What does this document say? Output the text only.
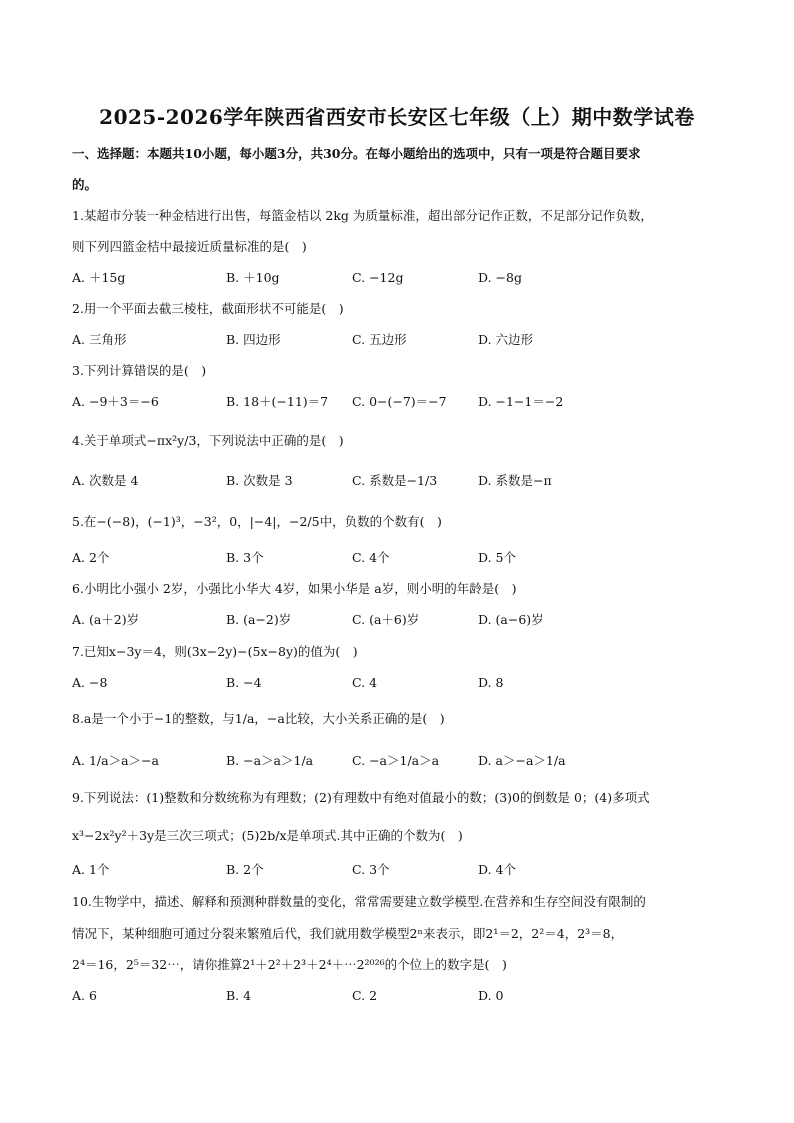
2025-2026学年陕西省西安市长安区七年级（上）期中数学试卷
一、选择题：本题共10小题，每小题3分，共30分。在每小题给出的选项中，只有一项是符合题目要求
的。
1.某超市分装一种金桔进行出售，每篮金桔以 2kg 为质量标准，超出部分记作正数，不足部分记作负数，
则下列四篮金桔中最接近质量标准的是(　)
A. ＋15g	B. ＋10g	C. −12g	D. −8g
2.用一个平面去截三棱柱，截面形状不可能是(　)
A. 三角形	B. 四边形	C. 五边形	D. 六边形
3.下列计算错误的是(　)
A. −9＋3＝−6	B. 18＋(−11)＝7 C. 0−(−7)＝−7	D. −1−1＝−2
4.关于单项式−πx²y/3，下列说法中正确的是(　)
A. 次数是 4	B. 次数是 3	C. 系数是−1/3	D. 系数是−π
5.在−(−8)，(−1)³，−3²，0，|−4|，−2/5中，负数的个数有(　)
A. 2个	B. 3个	C. 4个	D. 5个
6.小明比小强小 2岁，小强比小华大 4岁，如果小华是 a岁，则小明的年龄是(　)
A. (a＋2)岁	B. (a−2)岁	C. (a＋6)岁	D. (a−6)岁
7.已知x−3y＝4，则(3x−2y)−(5x−8y)的值为(　)
A. −8	B. −4	C. 4	D. 8
8.a是一个小于−1的整数，与1/a，−a比较，大小关系正确的是(　)
A. 1/a＞a＞−a	B. −a＞a＞1/a	C. −a＞1/a＞a	D. a＞−a＞1/a
9.下列说法：(1)整数和分数统称为有理数；(2)有理数中有绝对值最小的数；(3)0的倒数是 0；(4)多项式
x³−2x²y²＋3y是三次三项式；(5)2b/x是单项式.其中正确的个数为(　)
A. 1个	B. 2个	C. 3个	D. 4个
10.生物学中，描述、解释和预测种群数量的变化，常常需要建立数学模型.在营养和生存空间没有限制的
情况下，某种细胞可通过分裂来繁殖后代，我们就用数学模型2ⁿ来表示，即2¹＝2，2²＝4，2³＝8，
2⁴＝16，2⁵＝32⋯，请你推算2¹＋2²＋2³＋2⁴＋⋯2²⁰²⁶的个位上的数字是(　)
A. 6	B. 4	C. 2	D. 0
